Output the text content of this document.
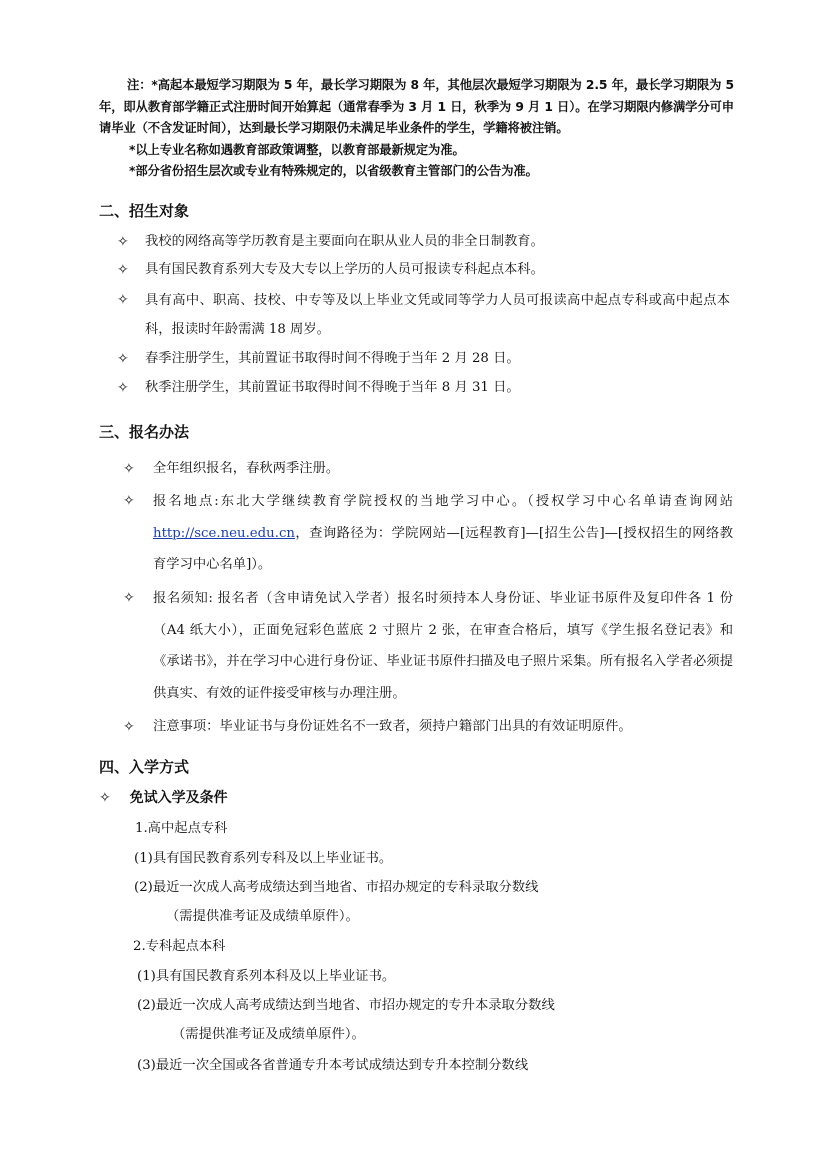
注：*高起本最短学习期限为 5 年，最长学习期限为 8 年，其他层次最短学习期限为 2.5 年，最长学习期限为 5 年，即从教育部学籍正式注册时间开始算起（通常春季为 3 月 1 日，秋季为 9 月 1 日）。在学习期限内修满学分可申请毕业（不含发证时间），达到最长学习期限仍未满足毕业条件的学生，学籍将被注销。

*以上专业名称如遇教育部政策调整，以教育部最新规定为准。

*部分省份招生层次或专业有特殊规定的，以省级教育主管部门的公告为准。

二、招生对象
✧	我校的网络高等学历教育是主要面向在职从业人员的非全日制教育。
✧	具有国民教育系列大专及大专以上学历的人员可报读专科起点本科。
✧	具有高中、职高、技校、中专等及以上毕业文凭或同等学力人员可报读高中起点专科或高中起点本科，报读时年龄需满 18 周岁。
✧	春季注册学生，其前置证书取得时间不得晚于当年 2 月 28 日。
✧	秋季注册学生，其前置证书取得时间不得晚于当年 8 月 31 日。
三、报名办法
✧	全年组织报名，春秋两季注册。
✧	报名地点:东北大学继续教育学院授权的当地学习中心。（授权学习中心名单请查询网站 http://sce.neu.edu.cn，查询路径为：学院网站—[远程教育]—[招生公告]—[授权招生的网络教育学习中心名单]）。
✧	报名须知: 报名者（含申请免试入学者）报名时须持本人身份证、毕业证书原件及复印件各 1 份（A4 纸大小），正面免冠彩色蓝底 2 寸照片 2 张，在审查合格后，填写《学生报名登记表》和《承诺书》，并在学习中心进行身份证、毕业证书原件扫描及电子照片采集。所有报名入学者必须提供真实、有效的证件接受审核与办理注册。
✧	注意事项：毕业证书与身份证姓名不一致者，须持户籍部门出具的有效证明原件。
四、入学方式
✧ 免试入学及条件
1.高中起点专科
(1)具有国民教育系列专科及以上毕业证书。
(2)最近一次成人高考成绩达到当地省、市招办规定的专科录取分数线
（需提供准考证及成绩单原件）。
2.专科起点本科
(1)具有国民教育系列本科及以上毕业证书。
(2)最近一次成人高考成绩达到当地省、市招办规定的专升本录取分数线
（需提供准考证及成绩单原件）。
(3)最近一次全国或各省普通专升本考试成绩达到专升本控制分数线
